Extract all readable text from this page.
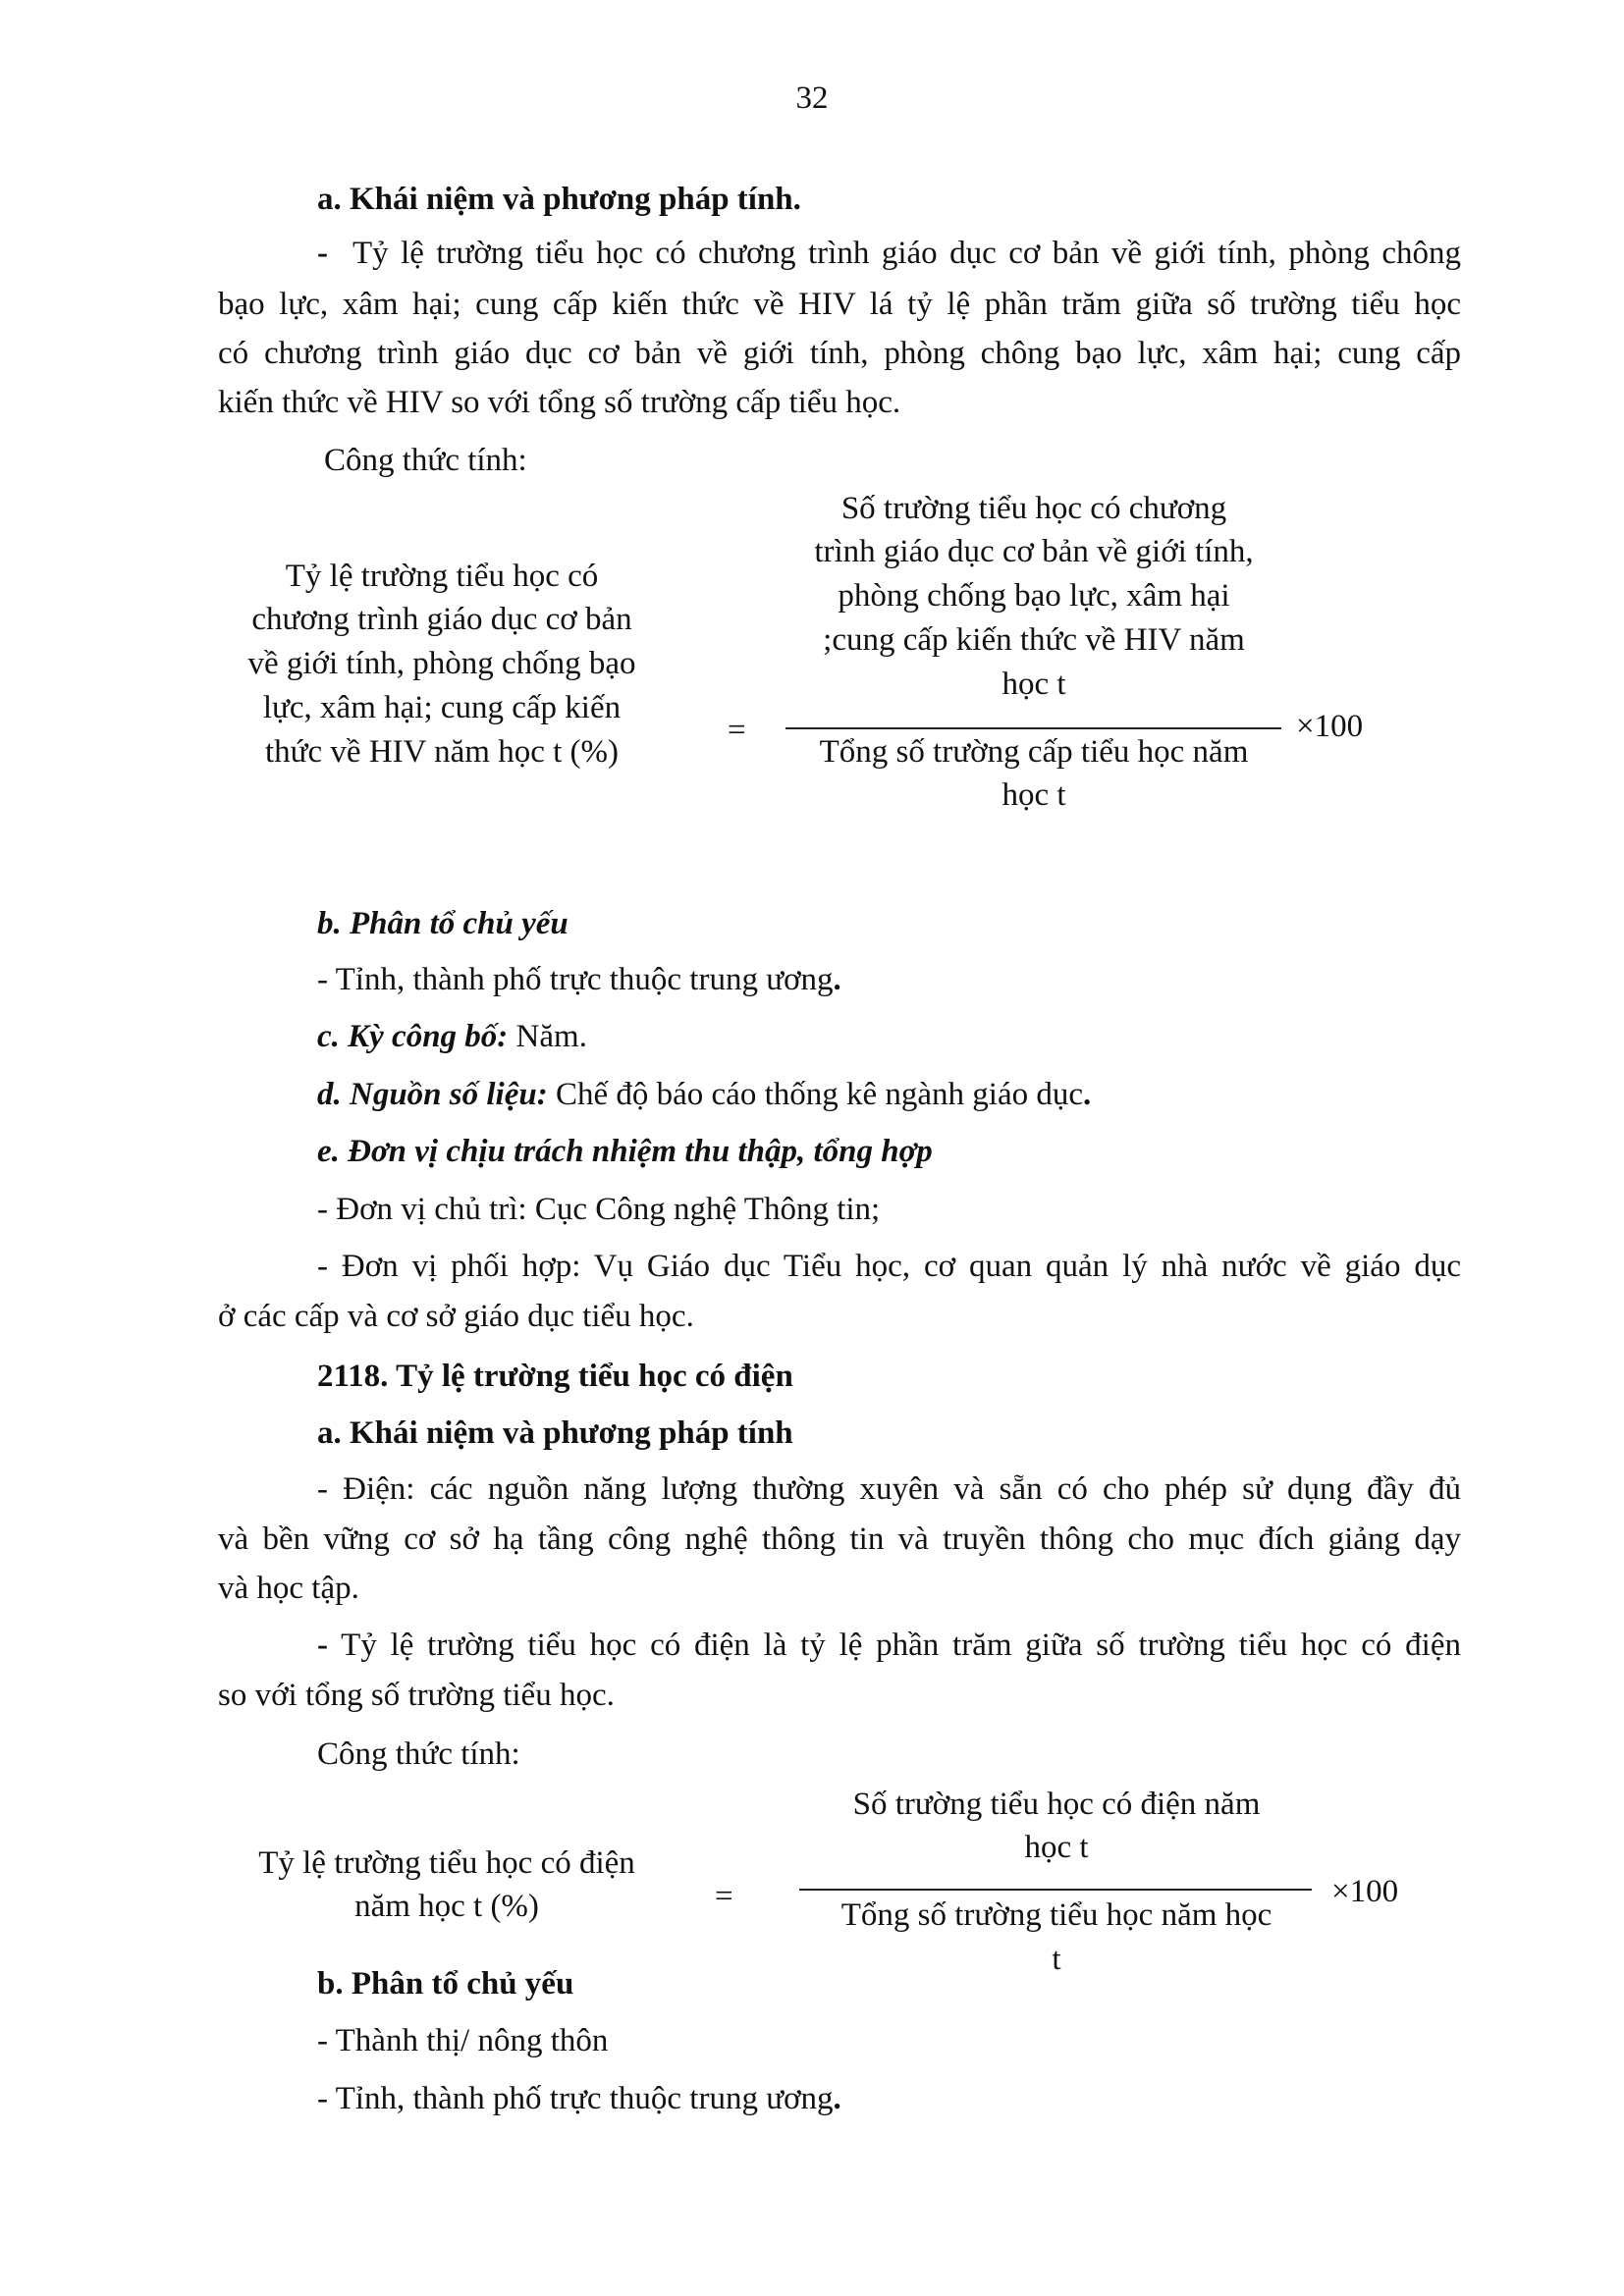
32
a. Khái niệm và phương pháp tính.
- Tỷ lệ trường tiểu học có chương trình giáo dục cơ bản về giới tính, phòng chông
bạo lực, xâm hại; cung cấp kiến thức về HIV lá tỷ lệ phần trăm giữa số trường tiểu học
có chương trình giáo dục cơ bản về giới tính, phòng chông bạo lực, xâm hại; cung cấp
kiến thức về HIV so với tổng số trường cấp tiểu học.
Công thức tính:
Tỷ lệ trường tiểu học có
chương trình giáo dục cơ bản
về giới tính, phòng chống bạo
lực, xâm hại; cung cấp kiến
thức về HIV năm học t (%)
=
Số trường tiểu học có chương
trình giáo dục cơ bản về giới tính,
phòng chống bạo lực, xâm hại
;cung cấp kiến thức về HIV năm
học t
Tổng số trường cấp tiểu học năm
học t
×100
b. Phân tổ chủ yếu
- Tỉnh, thành phố trực thuộc trung ương.
c. Kỳ công bố: Năm.
d. Nguồn số liệu: Chế độ báo cáo thống kê ngành giáo dục.
e. Đơn vị chịu trách nhiệm thu thập, tổng hợp
- Đơn vị chủ trì: Cục Công nghệ Thông tin;
- Đơn vị phối hợp: Vụ Giáo dục Tiểu học, cơ quan quản lý nhà nước về giáo dục
ở các cấp và cơ sở giáo dục tiểu học.
2118. Tỷ lệ trường tiểu học có điện
a. Khái niệm và phương pháp tính
- Điện: các nguồn năng lượng thường xuyên và sẵn có cho phép sử dụng đầy đủ
và bền vững cơ sở hạ tầng công nghệ thông tin và truyền thông cho mục đích giảng dạy
và học tập.
- Tỷ lệ trường tiểu học có điện là tỷ lệ phần trăm giữa số trường tiểu học có điện
so với tổng số trường tiểu học.
Công thức tính:
Tỷ lệ trường tiểu học có điện
năm học t (%)	=
Số trường tiểu học có điện năm
học t
Tổng số trường tiểu học năm học
t
×100
b. Phân tổ chủ yếu
- Thành thị/ nông thôn
- Tỉnh, thành phố trực thuộc trung ương.
